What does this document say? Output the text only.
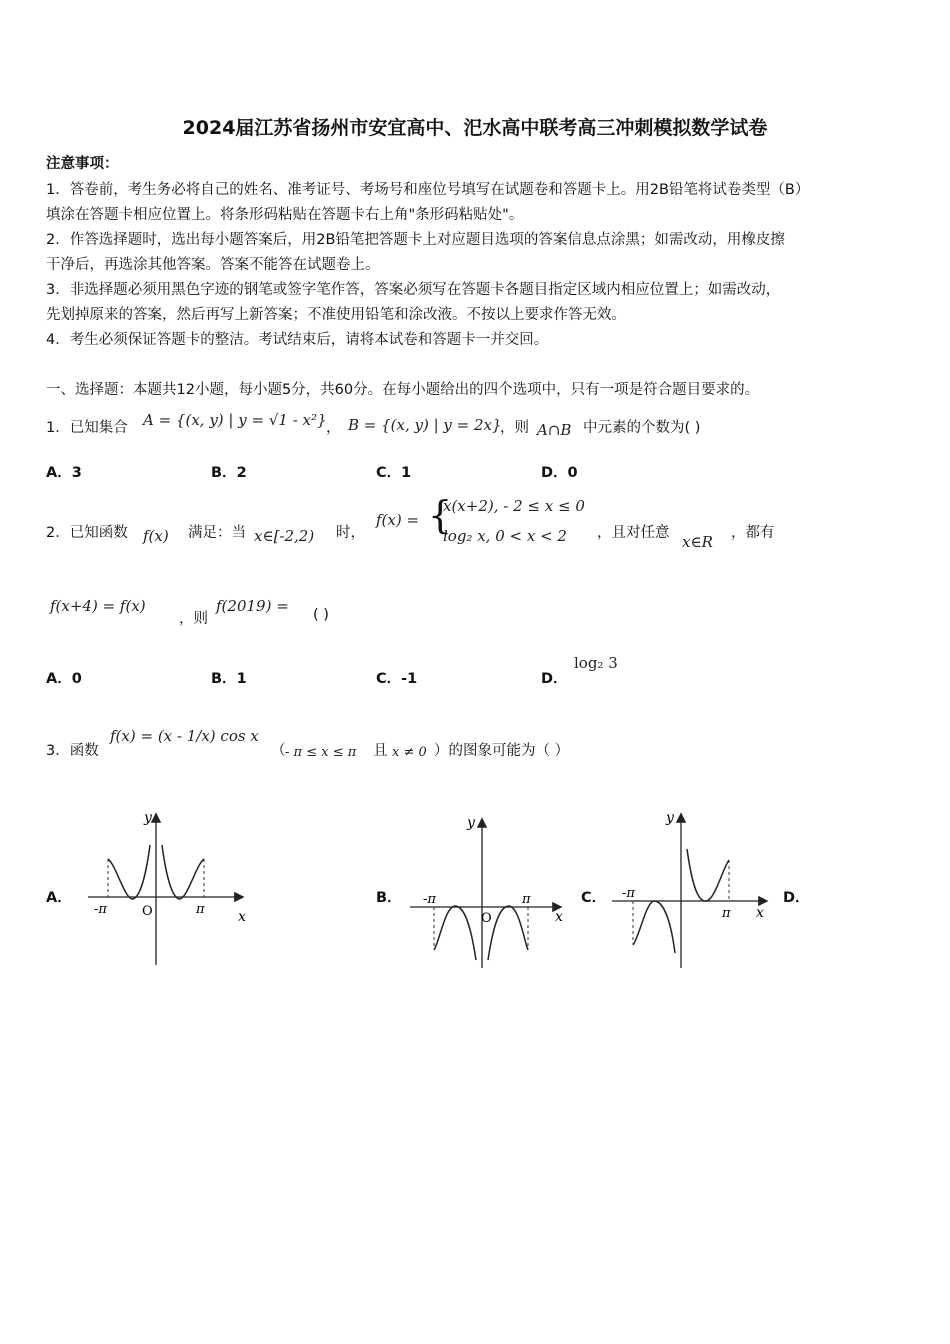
2024届江苏省扬州市安宜高中、汜水高中联考高三冲刺模拟数学试卷
注意事项：
1．答卷前，考生务必将自己的姓名、准考证号、考场号和座位号填写在试题卷和答题卡上。用2B铅笔将试卷类型（B）
填涂在答题卡相应位置上。将条形码粘贴在答题卡右上角"条形码粘贴处"。
2．作答选择题时，选出每小题答案后，用2B铅笔把答题卡上对应题目选项的答案信息点涂黑；如需改动，用橡皮擦
干净后，再选涂其他答案。答案不能答在试题卷上。
3．非选择题必须用黑色字迹的钢笔或签字笔作答，答案必须写在答题卡各题目指定区域内相应位置上；如需改动，
先划掉原来的答案，然后再写上新答案；不准使用铅笔和涂改液。不按以上要求作答无效。
4．考生必须保证答题卡的整洁。考试结束后，请将本试卷和答题卡一并交回。
一、选择题：本题共12小题，每小题5分，共60分。在每小题给出的四个选项中，只有一项是符合题目要求的。
1．已知集合 A = {(x, y) | y = √1 - x²} ， B = {(x, y) | y = 2x}
，则 A∩B 中元素的个数为( )
A．3	B．2	C．1	D．0
2．已知函数 f(x) 满足：当 x∈[-2,2) 时，
f(x) = {
x(x+2), - 2 ≤ x ≤ 0
log₂ x, 0 < x < 2 ，且对任意 x∈R ，都有
f(x+4) = f(x)
，则
f(2019) = ( )
A．0	B．1	C．-1	D．
log₂ 3
3．函数
f(x) = (x - 1/x) cos x
（ - π ≤ x ≤ π 且 x ≠ 0 ）的图象可能为（ ）
A．	B．	C．	D．
y
x
O
-π	π
y
x
O
-π	π
y
x
-π
π
